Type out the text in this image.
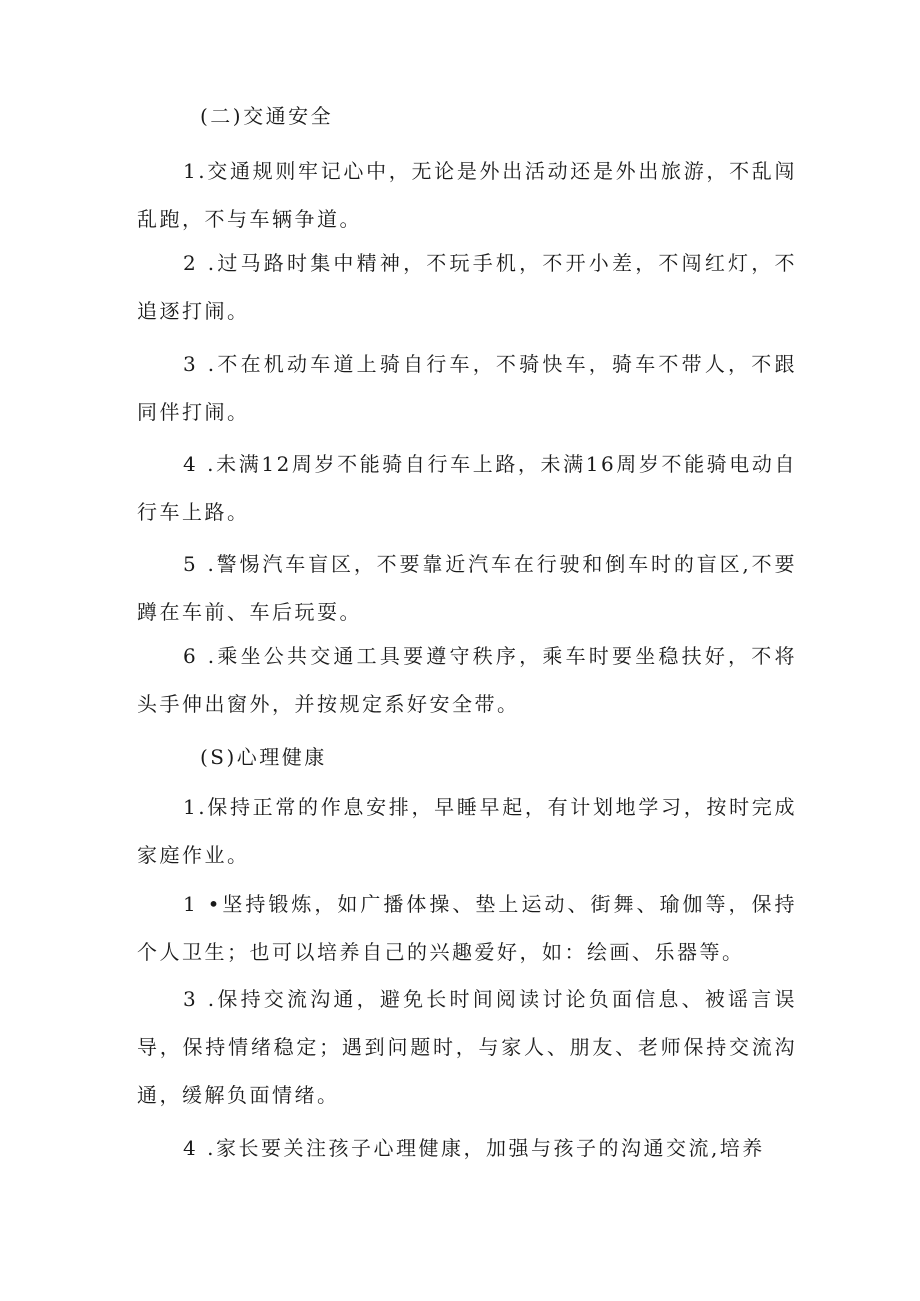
(二)交通安全

1.交通规则牢记心中，无论是外出活动还是外出旅游，不乱闯乱跑，不与车辆争道。

2 .过马路时集中精神，不玩手机，不开小差，不闯红灯，不追逐打闹。

3 .不在机动车道上骑自行车，不骑快车，骑车不带人，不跟同伴打闹。

4 .未满12周岁不能骑自行车上路，未满16周岁不能骑电动自行车上路。

5 .警惕汽车盲区，不要靠近汽车在行驶和倒车时的盲区,不要蹲在车前、车后玩耍。

6 .乘坐公共交通工具要遵守秩序，乘车时要坐稳扶好，不将头手伸出窗外，并按规定系好安全带。

(S)心理健康

1.保持正常的作息安排，早睡早起，有计划地学习，按时完成家庭作业。

1 •坚持锻炼，如广播体操、垫上运动、街舞、瑜伽等，保持个人卫生；也可以培养自己的兴趣爱好，如：绘画、乐器等。

3 .保持交流沟通，避免长时间阅读讨论负面信息、被谣言误导，保持情绪稳定；遇到问题时，与家人、朋友、老师保持交流沟通，缓解负面情绪。

4 .家长要关注孩子心理健康，加强与孩子的沟通交流,培养
